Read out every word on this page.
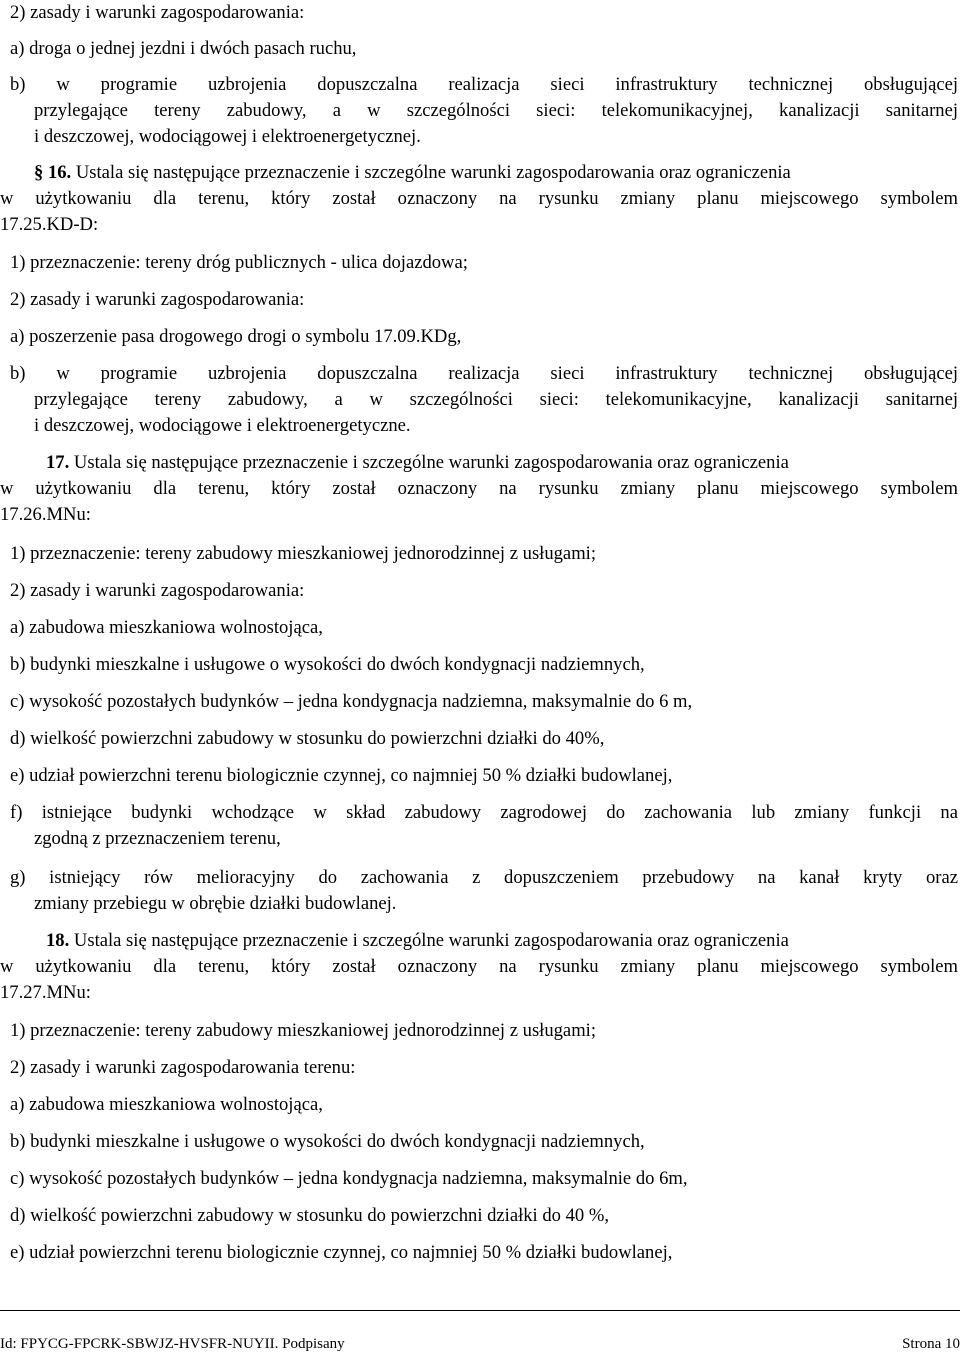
2) zasady i warunki zagospodarowania:
a) droga o jednej jezdni i dwóch pasach ruchu,
b) w programie uzbrojenia dopuszczalna realizacja sieci infrastruktury technicznej obsługującej
przylegające tereny zabudowy, a w szczególności sieci: telekomunikacyjnej, kanalizacji sanitarnej
i deszczowej, wodociągowej i elektroenergetycznej.
§ 16. Ustala się następujące przeznaczenie i szczególne warunki zagospodarowania oraz ograniczenia
w użytkowaniu dla terenu, który został oznaczony na rysunku zmiany planu miejscowego symbolem
17.25.KD-D:
1) przeznaczenie: tereny dróg publicznych - ulica dojazdowa;
2) zasady i warunki zagospodarowania:
a) poszerzenie pasa drogowego drogi o symbolu 17.09.KDg,
b) w programie uzbrojenia dopuszczalna realizacja sieci infrastruktury technicznej obsługującej
przylegające tereny zabudowy, a w szczególności sieci: telekomunikacyjne, kanalizacji sanitarnej
i deszczowej, wodociągowe i elektroenergetyczne.
17. Ustala się następujące przeznaczenie i szczególne warunki zagospodarowania oraz ograniczenia
w użytkowaniu dla terenu, który został oznaczony na rysunku zmiany planu miejscowego symbolem
17.26.MNu:
1) przeznaczenie: tereny zabudowy mieszkaniowej jednorodzinnej z usługami;
2) zasady i warunki zagospodarowania:
a) zabudowa mieszkaniowa wolnostojąca,
b) budynki mieszkalne i usługowe o wysokości do dwóch kondygnacji nadziemnych,
c) wysokość pozostałych budynków – jedna kondygnacja nadziemna, maksymalnie do 6 m,
d) wielkość powierzchni zabudowy w stosunku do powierzchni działki do 40%,
e) udział powierzchni terenu biologicznie czynnej, co najmniej 50 % działki budowlanej,
f) istniejące budynki wchodzące w skład zabudowy zagrodowej do zachowania lub zmiany funkcji na
zgodną z przeznaczeniem terenu,
g) istniejący rów melioracyjny do zachowania z dopuszczeniem przebudowy na kanał kryty oraz
zmiany przebiegu w obrębie działki budowlanej.
18. Ustala się następujące przeznaczenie i szczególne warunki zagospodarowania oraz ograniczenia
w użytkowaniu dla terenu, który został oznaczony na rysunku zmiany planu miejscowego symbolem
17.27.MNu:
1) przeznaczenie: tereny zabudowy mieszkaniowej jednorodzinnej z usługami;
2) zasady i warunki zagospodarowania terenu:
a) zabudowa mieszkaniowa wolnostojąca,
b) budynki mieszkalne i usługowe o wysokości do dwóch kondygnacji nadziemnych,
c) wysokość pozostałych budynków – jedna kondygnacja nadziemna, maksymalnie do 6m,
d) wielkość powierzchni zabudowy w stosunku do powierzchni działki do 40 %,
e) udział powierzchni terenu biologicznie czynnej, co najmniej 50 % działki budowlanej,
Id: FPYCG-FPCRK-SBWJZ-HVSFR-NUYII. Podpisany	Strona 10
